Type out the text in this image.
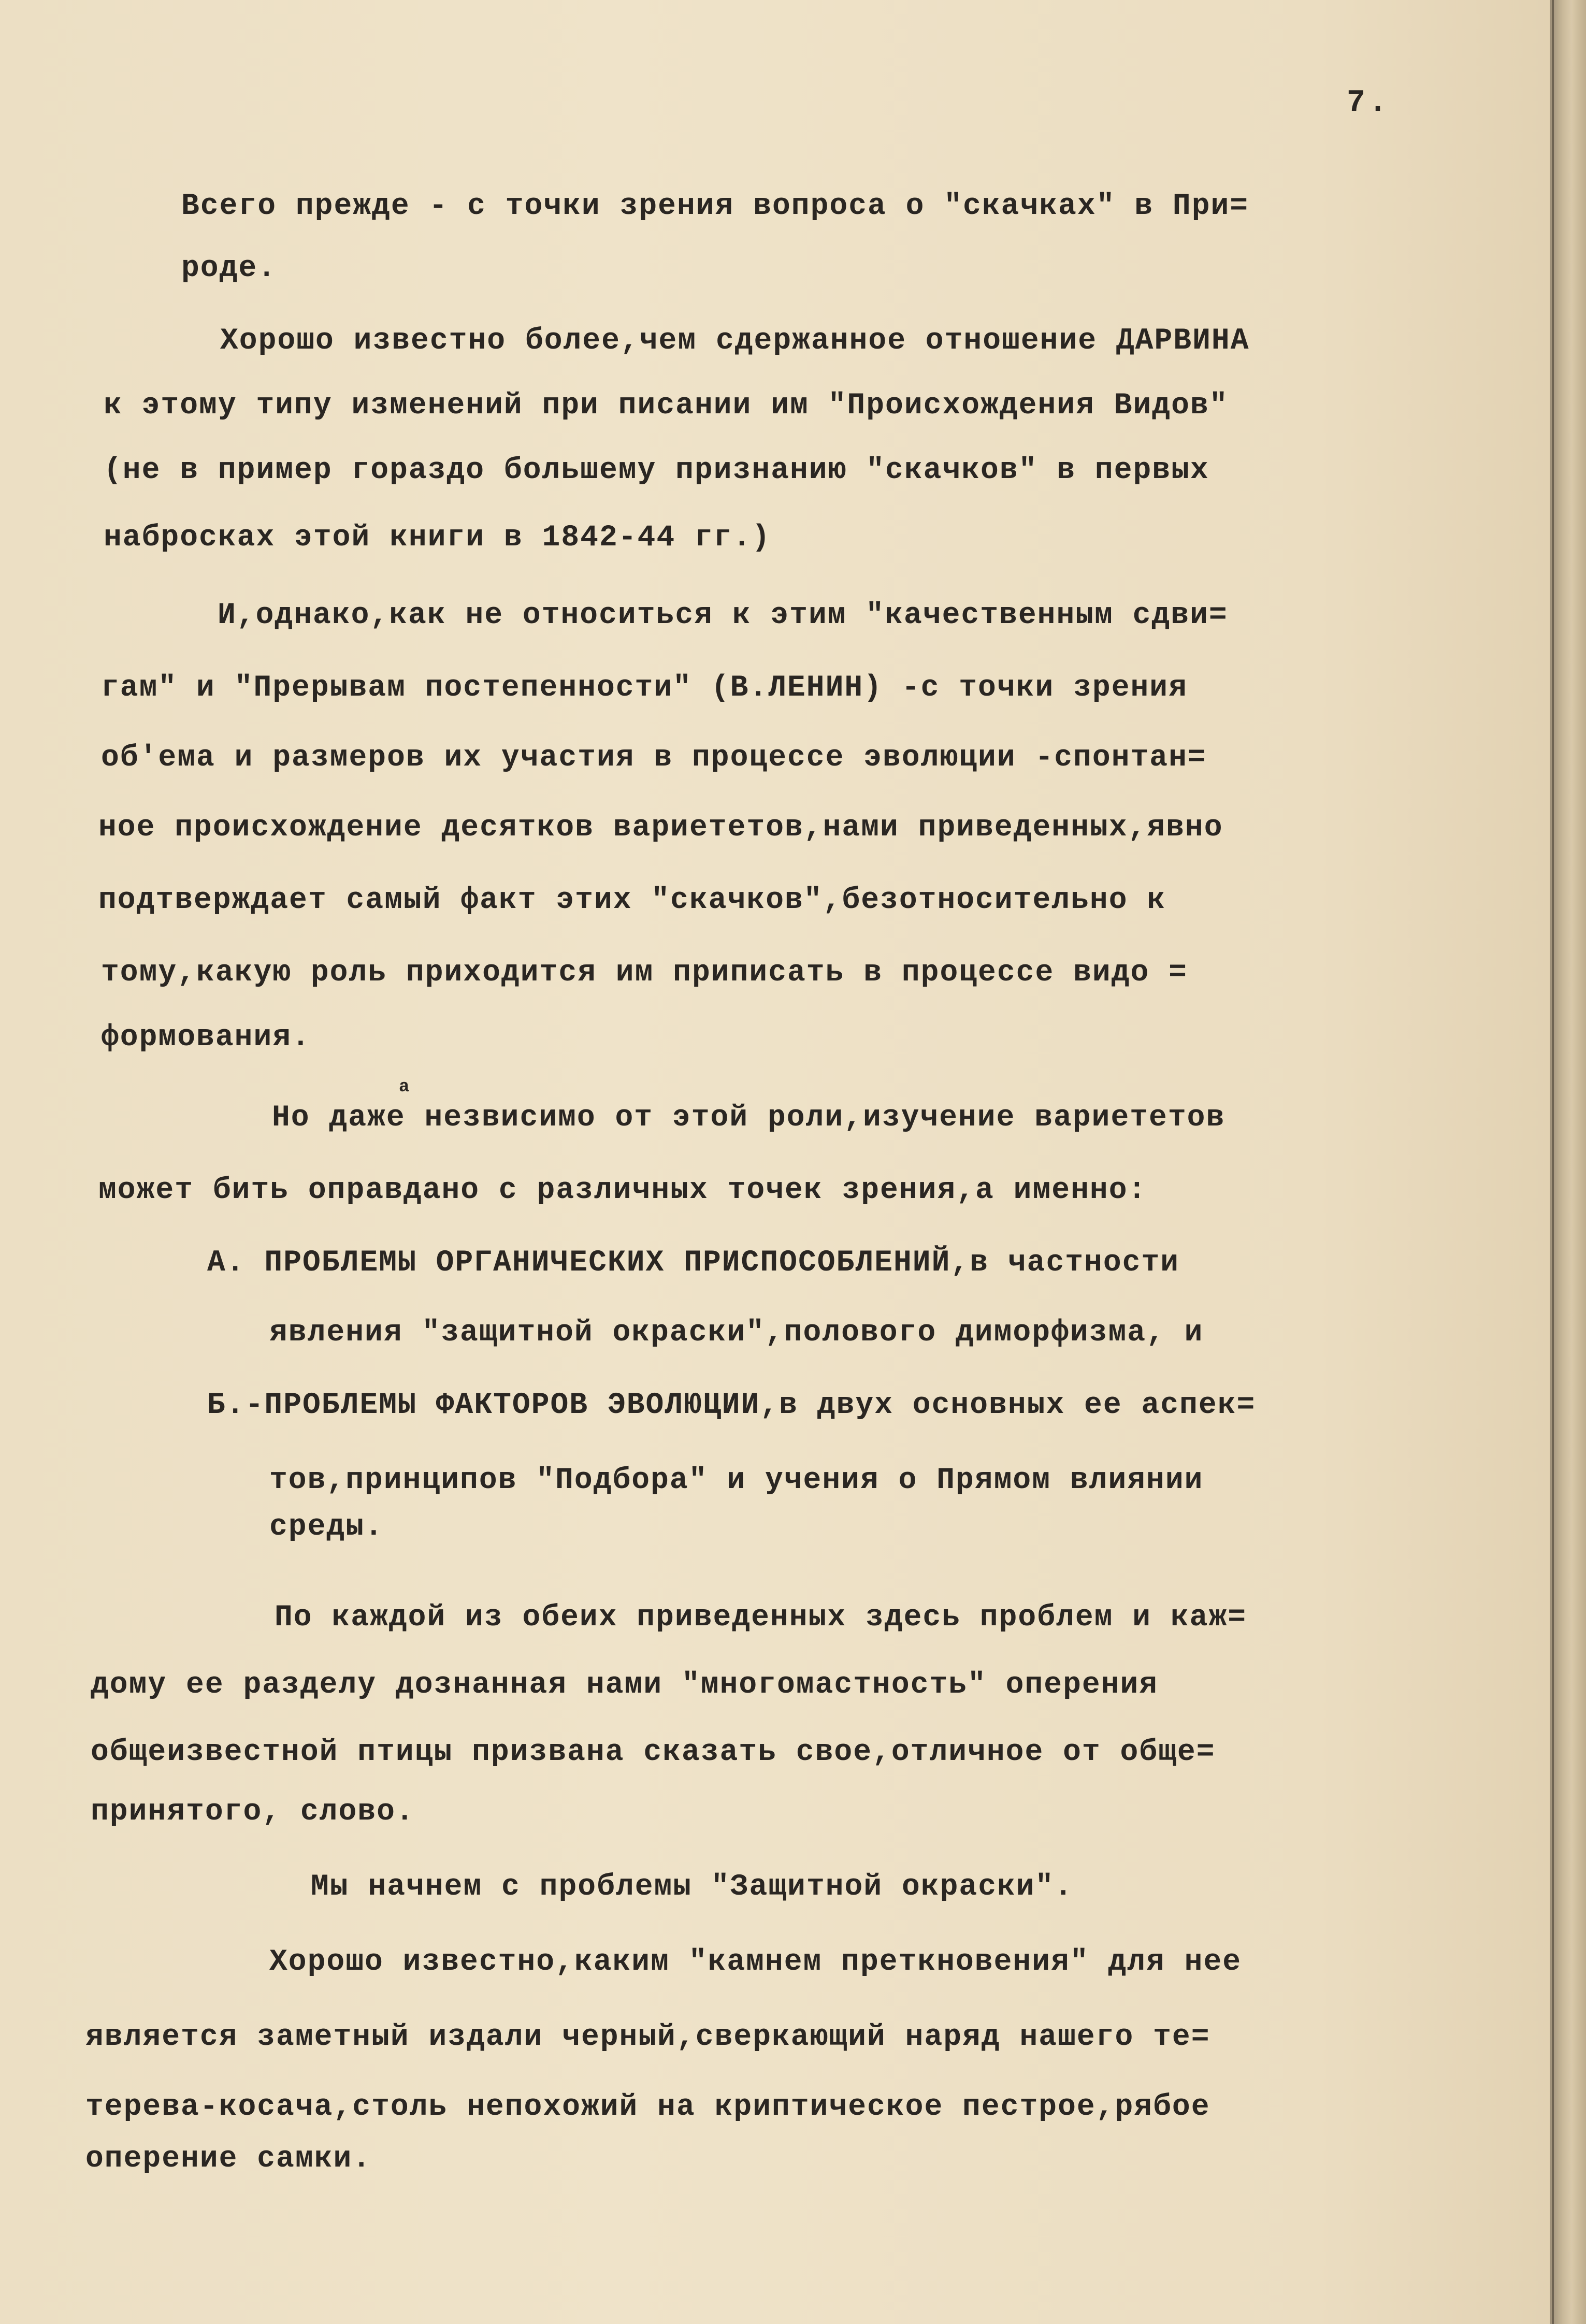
7.
Всего прежде - с точки зрения вопроса о "скачках" в При=
роде.
Хорошо известно более,чем сдержанное отношение ДАРВИНА
к этому типу изменений при писании им "Происхождения Видов"
(не в пример гораздо большему признанию "скачков" в первых
набросках этой книги в 1842-44 гг.)
И,однако,как не относиться к этим "качественным сдви=
гам" и "Прерывам постепенности" (В.ЛЕНИН) -с точки зрения
об'ема и размеров их участия в процессе эволюции -спонтан=
ное происхождение десятков вариететов,нами приведенных,явно
подтверждает самый факт этих "скачков",безотносительно к
тому,какую роль приходится им приписать в процессе видо =
формования.
Но даже незвисимо от этой роли,изучение вариететов
а
может бить оправдано с различных точек зрения,а именно:
А. ПРОБЛЕМЫ ОРГАНИЧЕСКИХ ПРИСПОСОБЛЕНИЙ,в частности
явления "защитной окраски",полового диморфизма, и
Б.-ПРОБЛЕМЫ ФАКТОРОВ ЭВОЛЮЦИИ,в двух основных ее аспек=
тов,принципов "Подбора" и учения о Прямом влиянии
среды.
По каждой из обеих приведенных здесь проблем и каж=
дому ее разделу дознанная нами "многомастность" оперения
общеизвестной птицы призвана сказать свое,отличное от обще=
принятого, слово.
Мы начнем с проблемы "Защитной окраски".
Хорошо известно,каким "камнем преткновения" для нее
является заметный издали черный,сверкающий наряд нашего те=
терева-косача,столь непохожий на криптическое пестрое,рябое
оперение самки.
